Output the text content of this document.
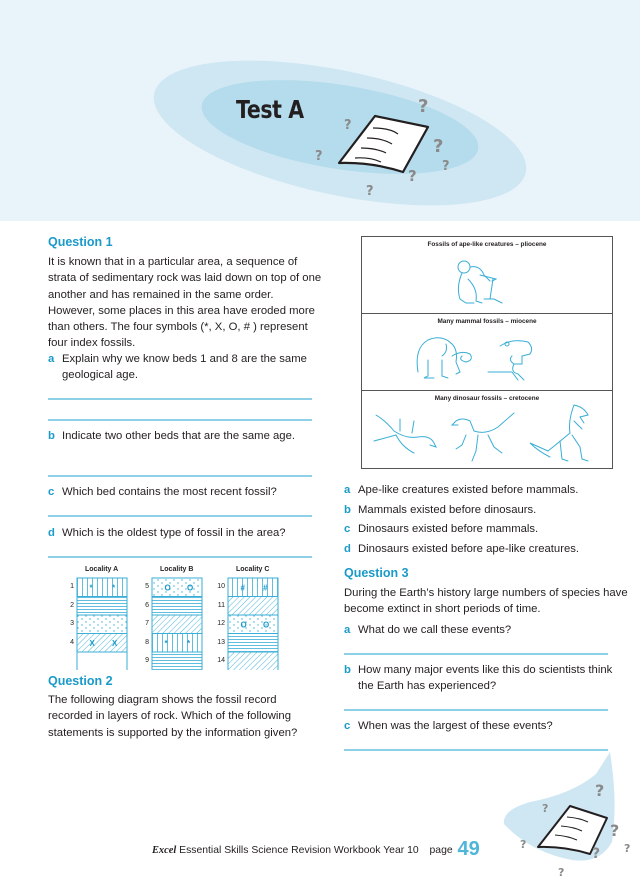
?
?
?
?
?
?
?
Test A
Question 1
It is known that in a particular area, a sequence of strata of sedimentary rock was laid down on top of one another and has remained in the same order. However, some places in this area have eroded more than others. The four symbols (*, X, O, # ) represent four index fossils.
a Explain why we know beds 1 and 8 are the same geological age.
b Indicate two other beds that are the same age.
c Which bed contains the most recent fossil?
d Which is the oldest type of fossil in the area?
* *
X X
O O
* *
# #
O O
Locality A
1
2
3
4
Locality B
5
6
7
8
9
Locality C
10
11
12
13
14
Question 2
The following diagram shows the fossil record recorded in layers of rock. Which of the following statements is supported by the information given?
Fossils of ape-like creatures – pliocene
Many mammal fossils – miocene
Many dinosaur fossils – cretocene
a Ape-like creatures existed before mammals.
b Mammals existed before dinosaurs.
c Dinosaurs existed before mammals.
d Dinosaurs existed before ape-like creatures.
Question 3
During the Earth’s history large numbers of species have become extinct in short periods of time.
a What do we call these events?
b How many major events like this do scientists think the Earth has experienced?
c When was the largest of these events?
?
?
?
?
? ?
?
Excel Essential Skills Science Revision Workbook Year 10 page 49
